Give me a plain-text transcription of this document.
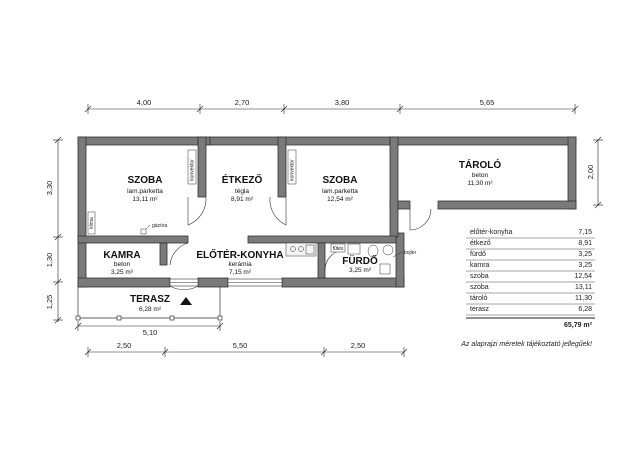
4,00	2,70	3,80	5,65
3,30
1,30
1,25
2,00
2,50	5,50	2,50
5,10
konvektor	konvektor
klima
fűtés
gázóra
bojler
SZOBA
lam.parketta
13,11 m²
ÉTKEZŐ
tégla
8,91 m²
SZOBA
lam.parketta
12,54 m²
TÁROLÓ
beton
11,30 m²
KAMRA
beton
3,25 m²
ELŐTÉR-KONYHA
kerámia
7,15 m²
FÜRDŐ
3,25 m²
TERASZ
6,28 m²
előtér-konyha	7,15
étkező	8,91
fürdő	3,25
kamra	3,25
szoba	12,54
szoba	13,11
tároló	11,30
terasz	6,28
65,79 m²
Az alaprajzi méretek tájékoztató jellegűek!
